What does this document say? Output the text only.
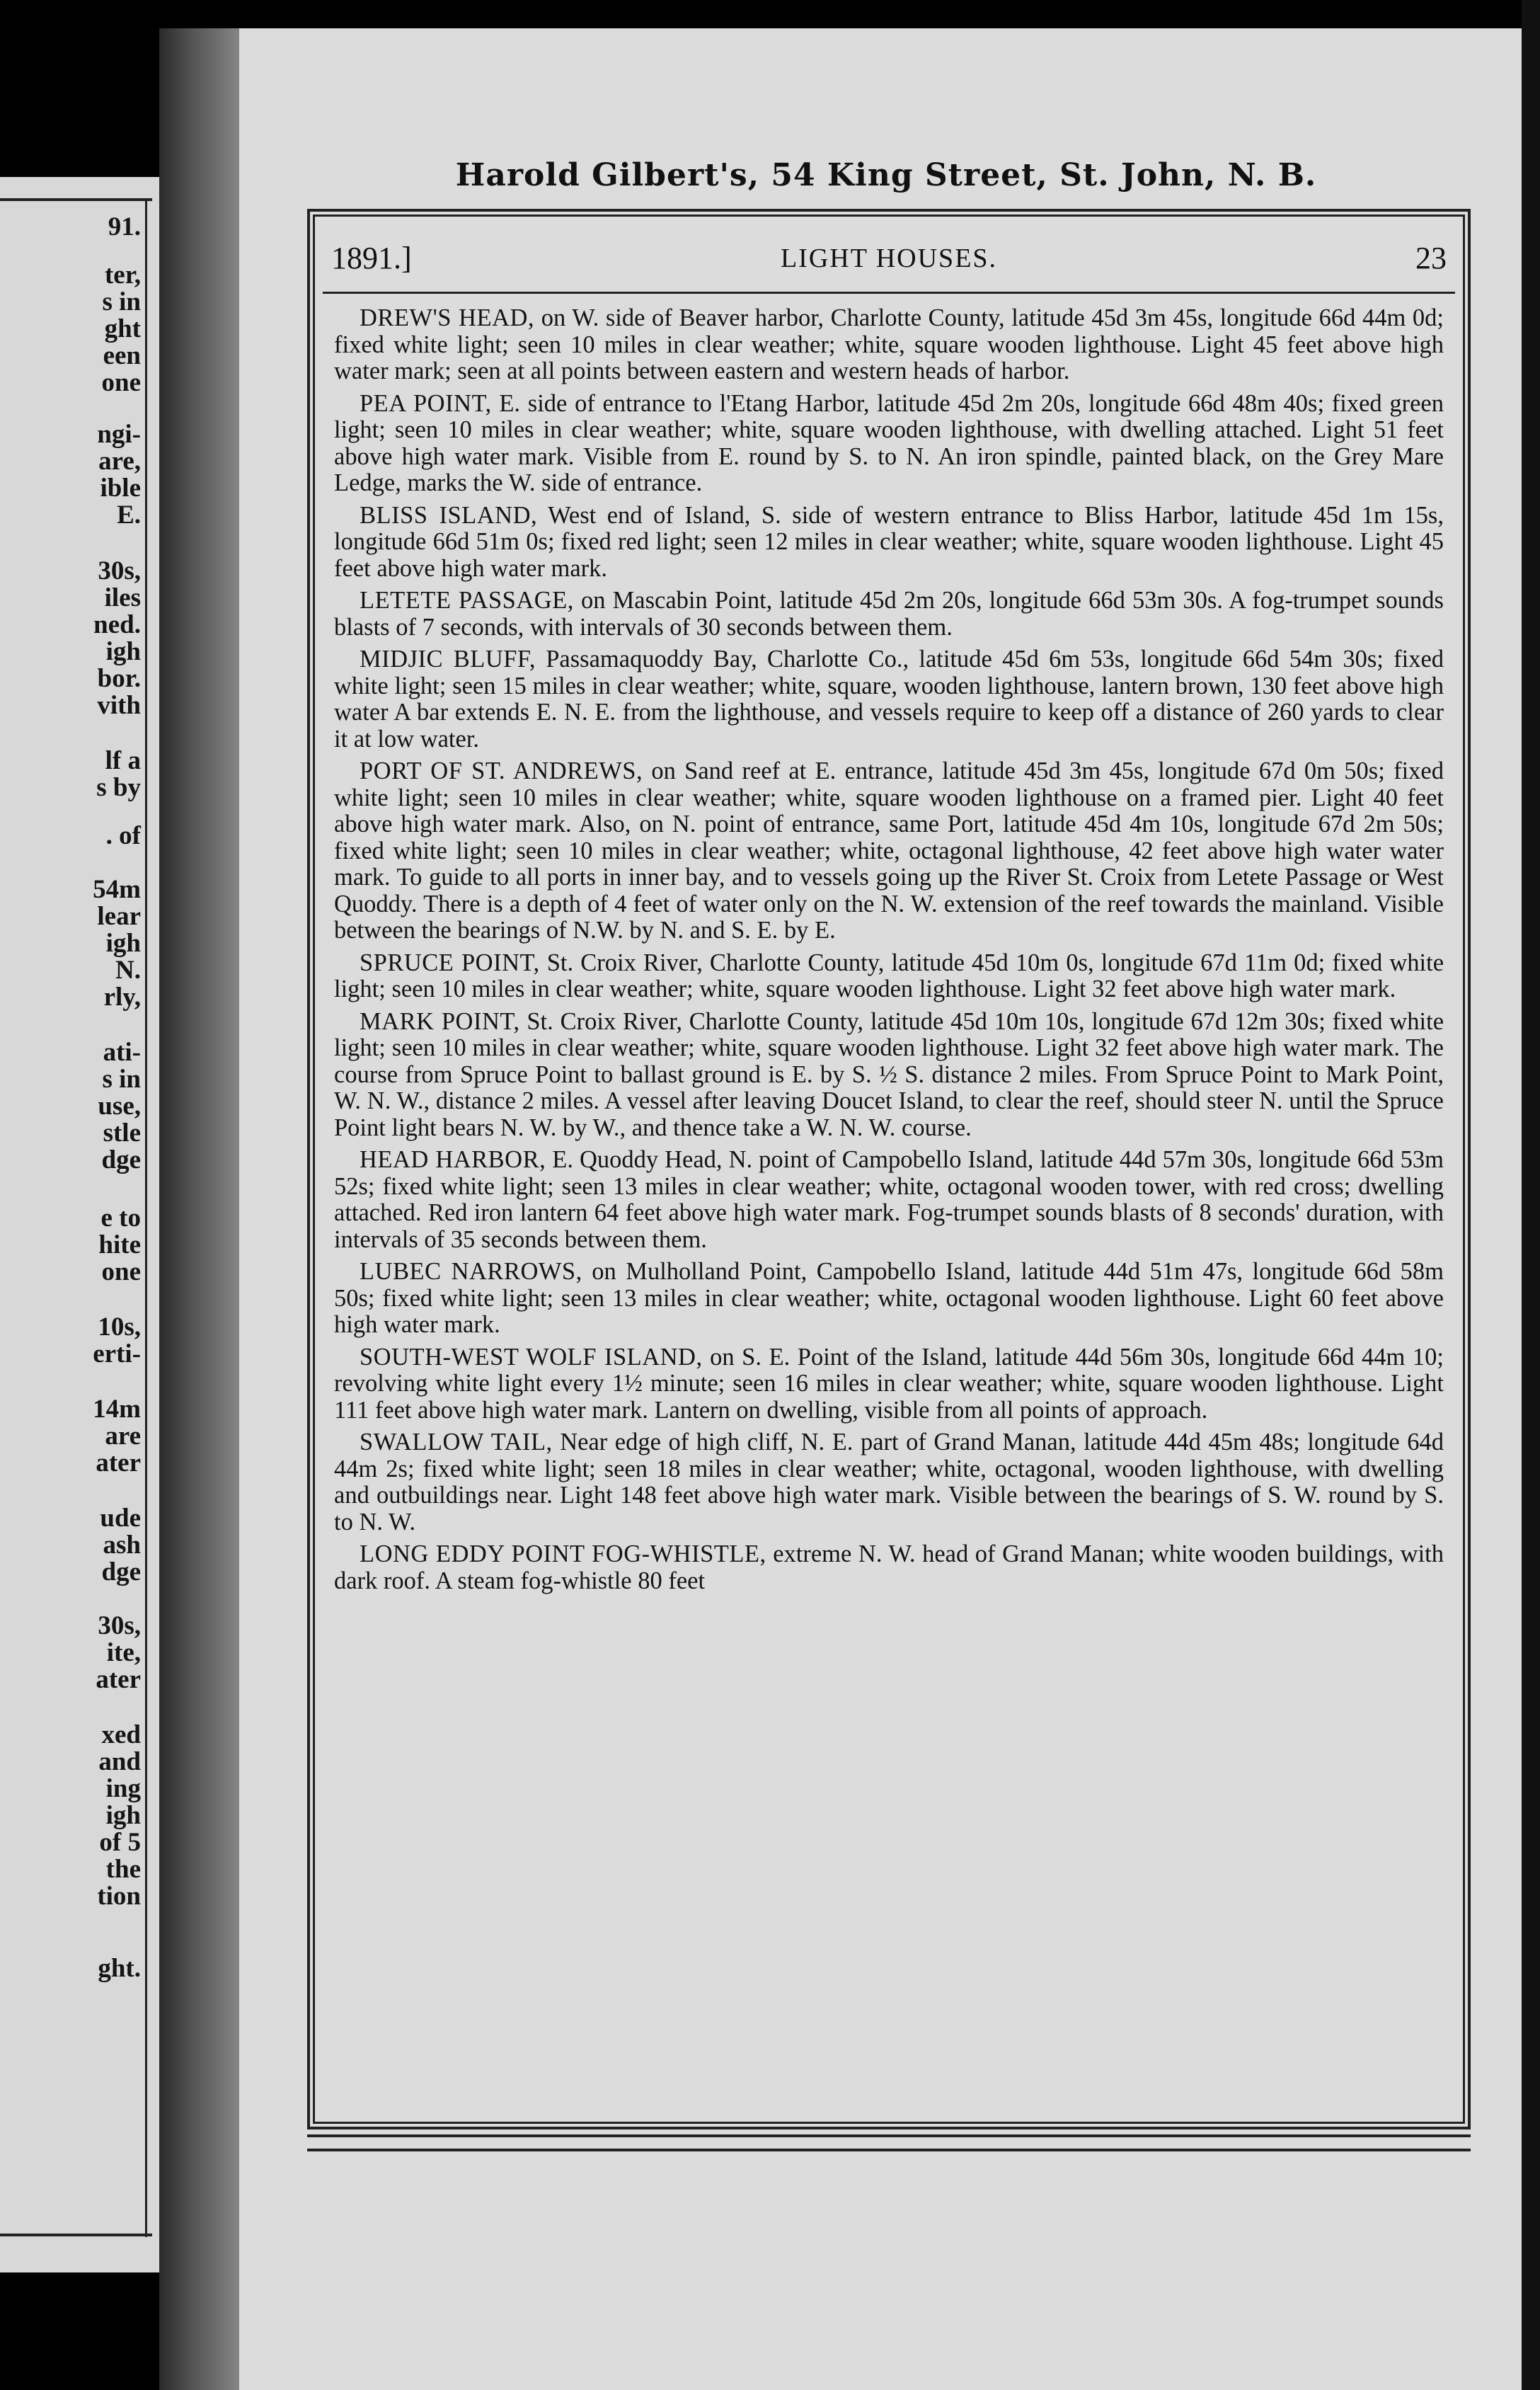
91.
ter,
s in
ght
een
one
ngi-
are,
ible
E.
30s,
iles
ned.
igh
bor.
vith
lf a
s by
. of
54m
lear
igh
N.
rly,
ati-
s in
use,
stle
dge
e to
hite
one
10s,
erti-
14m
are
ater
ude
ash
dge
30s,
ite,
ater
xed
and
ing
igh
of 5
the
tion
ght.
Harold Gilbert's, 54 King Street, St. John, N. B.
1891.]	LIGHT HOUSES.	23

DREW'S HEAD, on W. side of Beaver harbor, Charlotte County, latitude 45d 3m 45s, longitude 66d 44m 0d; fixed white light; seen 10 miles in clear weather; white, square wooden lighthouse. Light 45 feet above high water mark; seen at all points between eastern and western heads of harbor.

PEA POINT, E. side of entrance to l'Etang Harbor, latitude 45d 2m 20s, longitude 66d 48m 40s; fixed green light; seen 10 miles in clear weather; white, square wooden lighthouse, with dwelling attached. Light 51 feet above high water mark. Visible from E. round by S. to N. An iron spindle, painted black, on the Grey Mare Ledge, marks the W. side of entrance.

BLISS ISLAND, West end of Island, S. side of western entrance to Bliss Harbor, latitude 45d 1m 15s, longitude 66d 51m 0s; fixed red light; seen 12 miles in clear weather; white, square wooden lighthouse. Light 45 feet above high water mark.

LETETE PASSAGE, on Mascabin Point, latitude 45d 2m 20s, longitude 66d 53m 30s. A fog-trumpet sounds blasts of 7 seconds, with intervals of 30 seconds between them.

MIDJIC BLUFF, Passamaquoddy Bay, Charlotte Co., latitude 45d 6m 53s, longitude 66d 54m 30s; fixed white light; seen 15 miles in clear weather; white, square, wooden lighthouse, lantern brown, 130 feet above high water A bar extends E. N. E. from the lighthouse, and vessels require to keep off a distance of 260 yards to clear it at low water.

PORT OF ST. ANDREWS, on Sand reef at E. entrance, latitude 45d 3m 45s, longitude 67d 0m 50s; fixed white light; seen 10 miles in clear weather; white, square wooden lighthouse on a framed pier. Light 40 feet above high water mark. Also, on N. point of entrance, same Port, latitude 45d 4m 10s, longitude 67d 2m 50s; fixed white light; seen 10 miles in clear weather; white, octagonal lighthouse, 42 feet above high water water mark. To guide to all ports in inner bay, and to vessels going up the River St. Croix from Letete Passage or West Quoddy. There is a depth of 4 feet of water only on the N. W. extension of the reef towards the mainland. Visible between the bearings of N.W. by N. and S. E. by E.

SPRUCE POINT, St. Croix River, Charlotte County, latitude 45d 10m 0s, longitude 67d 11m 0d; fixed white light; seen 10 miles in clear weather; white, square wooden lighthouse. Light 32 feet above high water mark.

MARK POINT, St. Croix River, Charlotte County, latitude 45d 10m 10s, longitude 67d 12m 30s; fixed white light; seen 10 miles in clear weather; white, square wooden lighthouse. Light 32 feet above high water mark. The course from Spruce Point to ballast ground is E. by S. ½ S. distance 2 miles. From Spruce Point to Mark Point, W. N. W., distance 2 miles. A vessel after leaving Doucet Island, to clear the reef, should steer N. until the Spruce Point light bears N. W. by W., and thence take a W. N. W. course.

HEAD HARBOR, E. Quoddy Head, N. point of Campobello Island, latitude 44d 57m 30s, longitude 66d 53m 52s; fixed white light; seen 13 miles in clear weather; white, octagonal wooden tower, with red cross; dwelling attached. Red iron lantern 64 feet above high water mark. Fog-trumpet sounds blasts of 8 seconds' duration, with intervals of 35 seconds between them.

LUBEC NARROWS, on Mulholland Point, Campobello Island, latitude 44d 51m 47s, longitude 66d 58m 50s; fixed white light; seen 13 miles in clear weather; white, octagonal wooden lighthouse. Light 60 feet above high water mark.

SOUTH-WEST WOLF ISLAND, on S. E. Point of the Island, latitude 44d 56m 30s, longitude 66d 44m 10; revolving white light every 1½ minute; seen 16 miles in clear weather; white, square wooden lighthouse. Light 111 feet above high water mark. Lantern on dwelling, visible from all points of approach.

SWALLOW TAIL, Near edge of high cliff, N. E. part of Grand Manan, latitude 44d 45m 48s; longitude 64d 44m 2s; fixed white light; seen 18 miles in clear weather; white, octagonal, wooden lighthouse, with dwelling and outbuildings near. Light 148 feet above high water mark. Visible between the bearings of S. W. round by S. to N. W.

LONG EDDY POINT FOG-WHISTLE, extreme N. W. head of Grand Manan; white wooden buildings, with dark roof. A steam fog-whistle 80 feet
